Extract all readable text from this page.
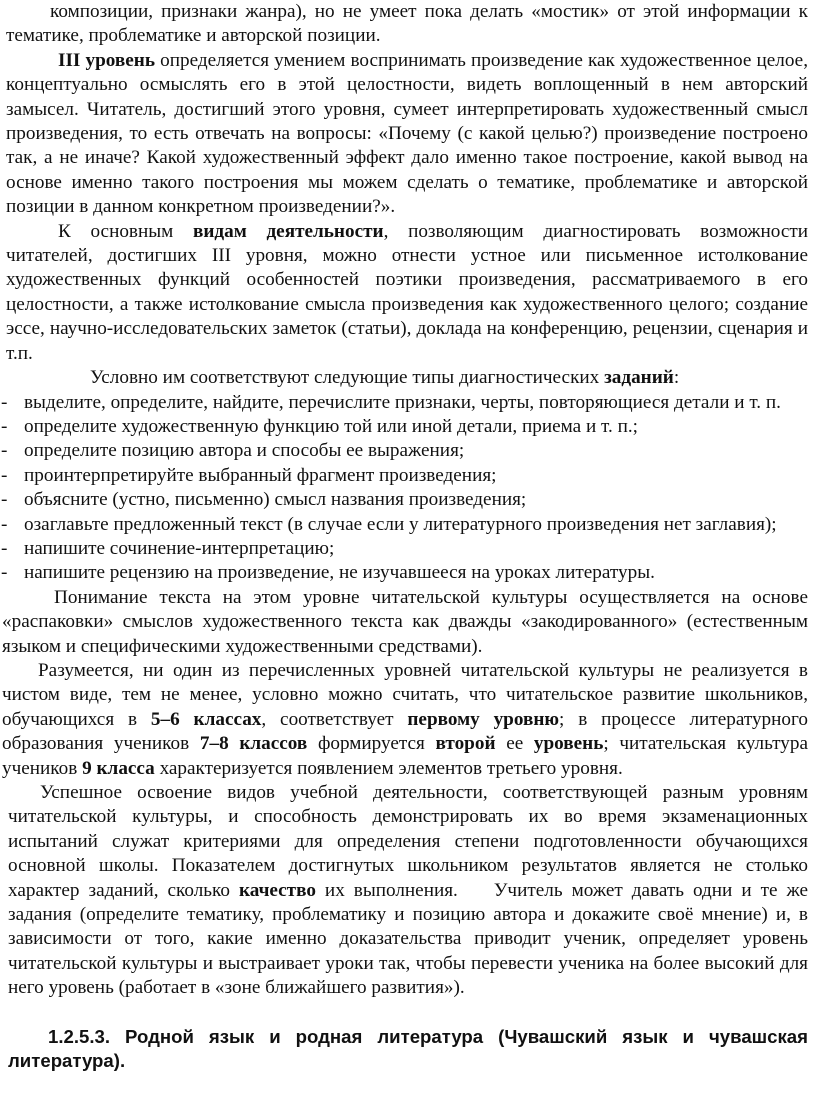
композиции, признаки жанра), но не умеет пока делать «мостик» от этой информации к тематике, проблематике и авторской позиции.

III уровень определяется умением воспринимать произведение как художественное целое, концептуально осмыслять его в этой целостности, видеть воплощенный в нем авторский замысел. Читатель, достигший этого уровня, сумеет интерпретировать художественный смысл произведения, то есть отвечать на вопросы: «Почему (с какой целью?) произведение построено так, а не иначе? Какой художественный эффект дало именно такое построение, какой вывод на основе именно такого построения мы можем сделать о тематике, проблематике и авторской позиции в данном конкретном произведении?».

К основным видам деятельности, позволяющим диагностировать возможности читателей, достигших III уровня, можно отнести устное или письменное истолкование художественных функций особенностей поэтики произведения, рассматриваемого в его целостности, а также истолкование смысла произведения как художественного целого; создание эссе, научно-исследовательских заметок (статьи), доклада на конференцию, рецензии, сценария и т.п.

Условно им соответствуют следующие типы диагностических заданий:

- выделите, определите, найдите, перечислите признаки, черты, повторяющиеся детали и т. п.
- определите художественную функцию той или иной детали, приема и т. п.;
- определите позицию автора и способы ее выражения;
- проинтерпретируйте выбранный фрагмент произведения;
- объясните (устно, письменно) смысл названия произведения;
- озаглавьте предложенный текст (в случае если у литературного произведения нет заглавия);
- напишите сочинение-интерпретацию;
- напишите рецензию на произведение, не изучавшееся на уроках литературы.

Понимание текста на этом уровне читательской культуры осуществляется на основе «распаковки» смыслов художественного текста как дважды «закодированного» (естественным языком и специфическими художественными средствами).

Разумеется, ни один из перечисленных уровней читательской культуры не реализуется в чистом виде, тем не менее, условно можно считать, что читательское развитие школьников, обучающихся в 5–6 классах, соответствует первому уровню; в процессе литературного образования учеников 7–8 классов формируется второй ее уровень; читательская культура учеников 9 класса характеризуется появлением элементов третьего уровня.

Успешное освоение видов учебной деятельности, соответствующей разным уровням читательской культуры, и способность демонстрировать их во время экзаменационных испытаний служат критериями для определения степени подготовленности обучающихся основной школы. Показателем достигнутых школьником результатов является не столько характер заданий, сколько качество их выполнения.    Учитель может давать одни и те же задания (определите тематику, проблематику и позицию автора и докажите своё мнение) и, в зависимости от того, какие именно доказательства приводит ученик, определяет уровень читательской культуры и выстраивает уроки так, чтобы перевести ученика на более высокий для него уровень (работает в «зоне ближайшего развития»).

1.2.5.3. Родной язык и родная литература (Чувашский язык и чувашская литература).
